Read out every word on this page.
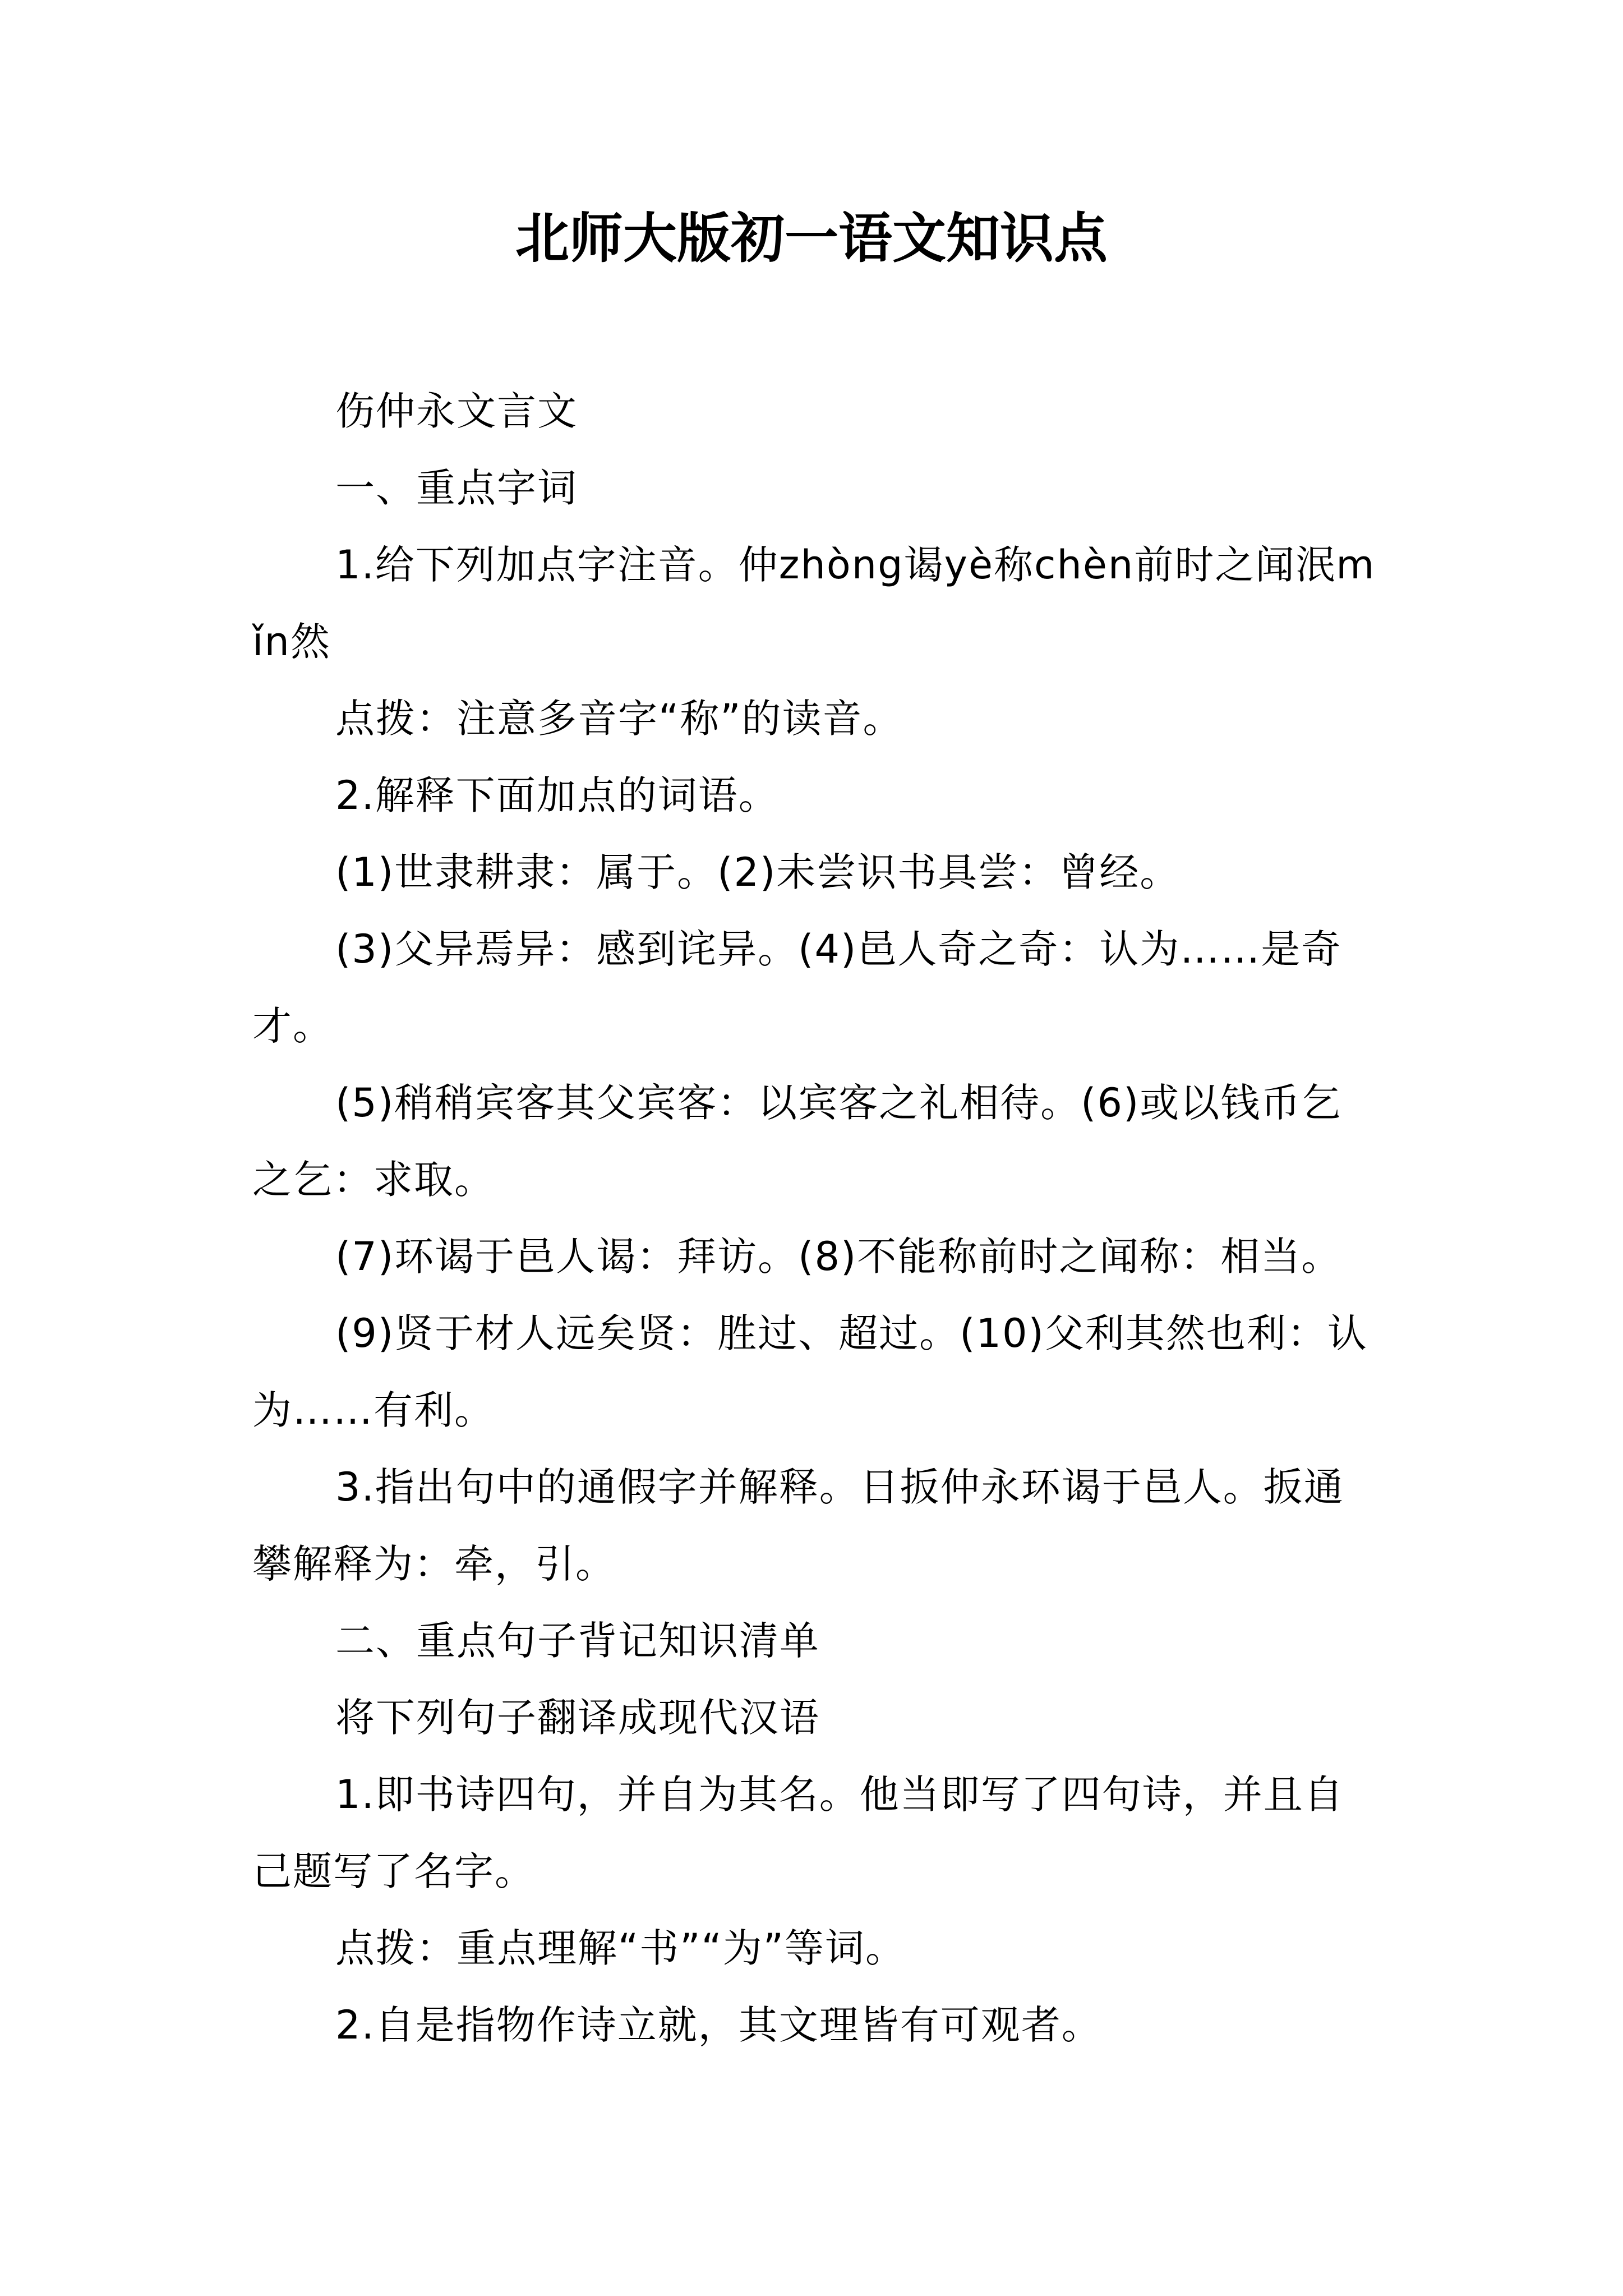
北师大版初一语文知识点

伤仲永文言文

一、重点字词

1.给下列加点字注音。仲zhòng谒yè称chèn前时之闻泯mǐn然

点拨：注意多音字“称”的读音。

2.解释下面加点的词语。

(1)世隶耕隶：属于。(2)未尝识书具尝：曾经。

(3)父异焉异：感到诧异。(4)邑人奇之奇：认为……是奇才。

(5)稍稍宾客其父宾客：以宾客之礼相待。(6)或以钱币乞之乞：求取。

(7)环谒于邑人谒：拜访。(8)不能称前时之闻称：相当。

(9)贤于材人远矣贤：胜过、超过。(10)父利其然也利：认为……有利。

3.指出句中的通假字并解释。日扳仲永环谒于邑人。扳通攀解释为：牵，引。

二、重点句子背记知识清单

将下列句子翻译成现代汉语

1.即书诗四句，并自为其名。他当即写了四句诗，并且自己题写了名字。

点拨：重点理解“书”“为”等词。

2.自是指物作诗立就，其文理皆有可观者。
